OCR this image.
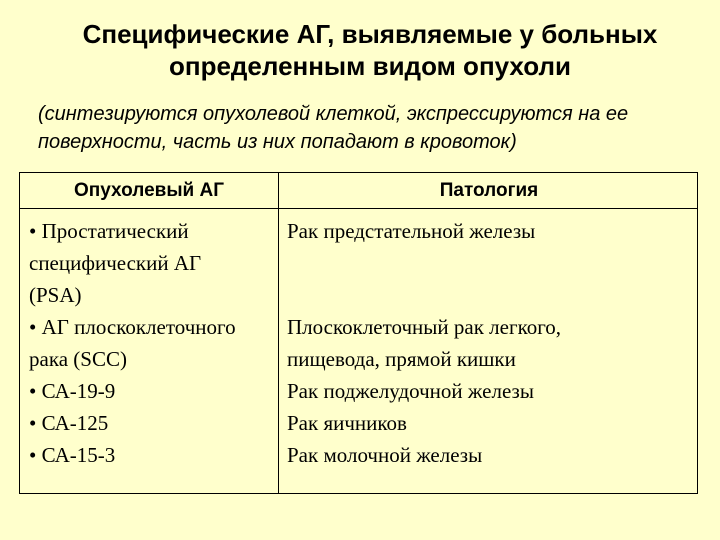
Специфические АГ, выявляемые у больных
определенным видом опухоли
(синтезируются опухолевой клеткой, экспрессируются на ее
поверхности, часть из них попадают в кровоток)
Опухолевый АГ	Патология
• Простатический
специфический АГ
(PSA)
• АГ плоскоклеточного
рака (SCC)
• СА-19-9
• СА-125
• СА-15-3
Рак предстательной железы

Плоскоклеточный рак легкого,
пищевода, прямой кишки
Рак поджелудочной железы
Рак яичников
Рак молочной железы
